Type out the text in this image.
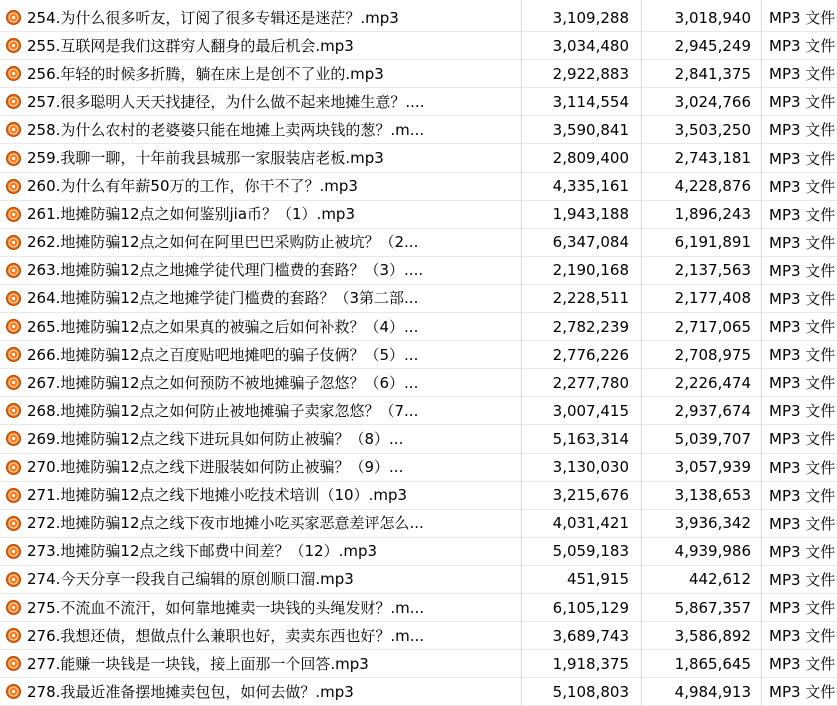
254.为什么很多听友，订阅了很多专辑还是迷茫？.mp3	3,109,288	3,018,940	MP3 文件
255.互联网是我们这群穷人翻身的最后机会.mp3	3,034,480	2,945,249	MP3 文件
256.年轻的时候多折腾，躺在床上是创不了业的.mp3	2,922,883	2,841,375	MP3 文件
257.很多聪明人天天找捷径，为什么做不起来地摊生意？....	3,114,554	3,024,766	MP3 文件
258.为什么农村的老婆婆只能在地摊上卖两块钱的葱？.m...	3,590,841	3,503,250	MP3 文件
259.我聊一聊，十年前我县城那一家服装店老板.mp3	2,809,400	2,743,181	MP3 文件
260.为什么有年薪50万的工作，你干不了？.mp3	4,335,161	4,228,876	MP3 文件
261.地摊防骗12点之如何鉴别jia币？（1）.mp3	1,943,188	1,896,243	MP3 文件
262.地摊防骗12点之如何在阿里巴巴采购防止被坑？（2...	6,347,084	6,191,891	MP3 文件
263.地摊防骗12点之地摊学徒代理门槛费的套路？（3）....	2,190,168	2,137,563	MP3 文件
264.地摊防骗12点之地摊学徒门槛费的套路？（3第二部...	2,228,511	2,177,408	MP3 文件
265.地摊防骗12点之如果真的被骗之后如何补救？（4）...	2,782,239	2,717,065	MP3 文件
266.地摊防骗12点之百度贴吧地摊吧的骗子伎俩？（5）...	2,776,226	2,708,975	MP3 文件
267.地摊防骗12点之如何预防不被地摊骗子忽悠？（6）...	2,277,780	2,226,474	MP3 文件
268.地摊防骗12点之如何防止被地摊骗子卖家忽悠？（7...	3,007,415	2,937,674	MP3 文件
269.地摊防骗12点之线下进玩具如何防止被骗？（8）...	5,163,314	5,039,707	MP3 文件
270.地摊防骗12点之线下进服装如何防止被骗？（9）...	3,130,030	3,057,939	MP3 文件
271.地摊防骗12点之线下地摊小吃技术培训（10）.mp3	3,215,676	3,138,653	MP3 文件
272.地摊防骗12点之线下夜市地摊小吃买家恶意差评怎么...	4,031,421	3,936,342	MP3 文件
273.地摊防骗12点之线下邮费中间差？（12）.mp3	5,059,183	4,939,986	MP3 文件
274.今天分享一段我自己编辑的原创顺口溜.mp3	451,915	442,612	MP3 文件
275.不流血不流汗，如何靠地摊卖一块钱的头绳发财？.m...	6,105,129	5,867,357	MP3 文件
276.我想还债，想做点什么兼职也好，卖卖东西也好？.m...	3,689,743	3,586,892	MP3 文件
277.能赚一块钱是一块钱，接上面那一个回答.mp3	1,918,375	1,865,645	MP3 文件
278.我最近准备摆地摊卖包包，如何去做？.mp3	5,108,803	4,984,913	MP3 文件
